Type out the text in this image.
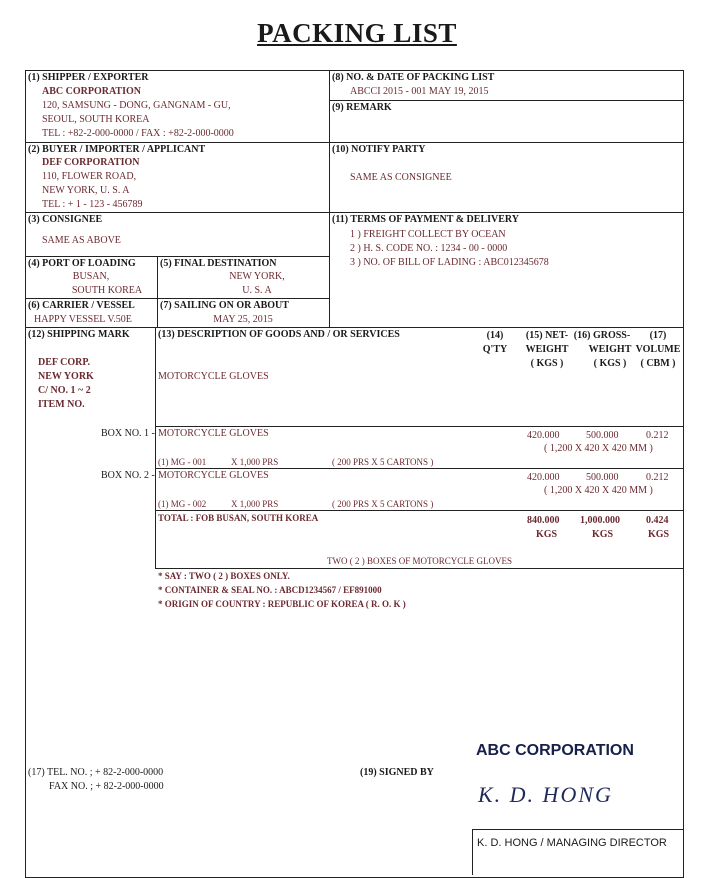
PACKING LIST
(1) SHIPPER / EXPORTER
ABC CORPORATION
120, SAMSUNG - DONG, GANGNAM - GU,
SEOUL, SOUTH KOREA
TEL : +82-2-000-0000 / FAX : +82-2-000-0000
(8) NO. & DATE OF PACKING LIST
ABCCI 2015 - 001 MAY 19, 2015
(9) REMARK
(2) BUYER / IMPORTER / APPLICANT
DEF CORPORATION
110, FLOWER ROAD,
NEW YORK, U. S. A
TEL : + 1 - 123 - 456789
(10) NOTIFY PARTY
SAME AS CONSIGNEE
(3) CONSIGNEE
SAME AS ABOVE
(11) TERMS OF PAYMENT & DELIVERY
1 ) FREIGHT COLLECT BY OCEAN
2 ) H. S. CODE NO. : 1234 - 00 - 0000
3 ) NO. OF BILL OF LADING : ABC012345678
(4) PORT OF LOADING
BUSAN,
SOUTH KOREA
(5) FINAL DESTINATION
NEW YORK,
U. S. A
(6) CARRIER / VESSEL
HAPPY VESSEL V.50E
(7) SAILING ON OR ABOUT
MAY 25, 2015
(12) SHIPPING MARK	(13) DESCRIPTION OF GOODS AND / OR SERVICES	(14)
Q'TY
(15) NET-
WEIGHT
( KGS )
(16) GROSS-
WEIGHT
( KGS )
(17)
VOLUME
( CBM )
DEF CORP.
NEW YORK
C/ NO. 1 ~ 2
ITEM NO.
MOTORCYCLE GLOVES
BOX NO. 1 - MOTORCYCLE GLOVES	420.000	500.000	0.212
( 1,200 X 420 X 420 MM )
(1) MG - 001	X 1,000 PRS	( 200 PRS X 5 CARTONS )
BOX NO. 2 - MOTORCYCLE GLOVES	420.000	500.000	0.212
( 1,200 X 420 X 420 MM )
(1) MG - 002	X 1,000 PRS	( 200 PRS X 5 CARTONS )
TOTAL : FOB BUSAN, SOUTH KOREA	840.000 1,000.000	0.424
KGS	KGS	KGS
TWO ( 2 ) BOXES OF MOTORCYCLE GLOVES
* SAY : TWO ( 2 ) BOXES ONLY.
* CONTAINER & SEAL NO. : ABCD1234567 / EF891000
* ORIGIN OF COUNTRY : REPUBLIC OF KOREA ( R. O. K )
(17) TEL. NO. ; + 82-2-000-0000
FAX NO. ; + 82-2-000-0000
(19) SIGNED BY
ABC CORPORATION
K. D. HONG
K. D. HONG / MANAGING DIRECTOR
